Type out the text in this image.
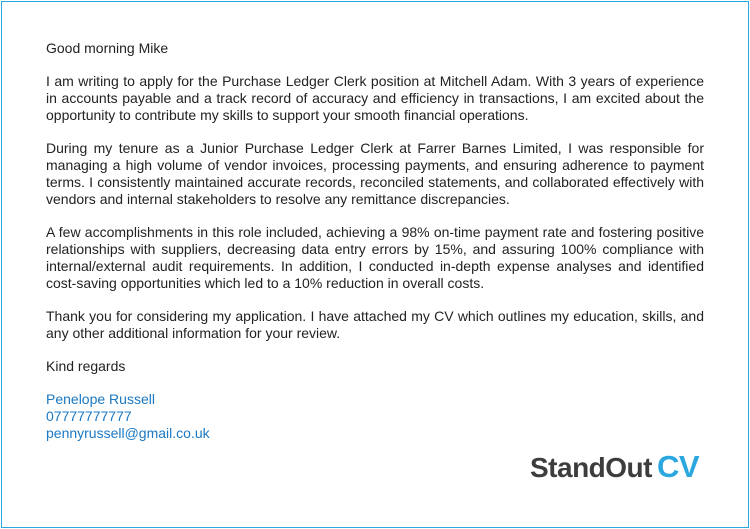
Good morning Mike

I am writing to apply for the Purchase Ledger Clerk position at Mitchell Adam. With 3 years of experience in accounts payable and a track record of accuracy and efficiency in transactions, I am excited about the opportunity to contribute my skills to support your smooth financial operations.

During my tenure as a Junior Purchase Ledger Clerk at Farrer Barnes Limited, I was responsible for managing a high volume of vendor invoices, processing payments, and ensuring adherence to payment terms. I consistently maintained accurate records, reconciled statements, and collaborated effectively with vendors and internal stakeholders to resolve any remittance discrepancies.

A few accomplishments in this role included, achieving a 98% on-time payment rate and fostering positive relationships with suppliers, decreasing data entry errors by 15%, and assuring 100% compliance with internal/external audit requirements. In addition, I conducted in-depth expense analyses and identified cost-saving opportunities which led to a 10% reduction in overall costs.

Thank you for considering my application. I have attached my CV which outlines my education, skills, and any other additional information for your review.

Kind regards

Penelope Russell
07777777777
pennyrussell@gmail.co.uk
StandOut CV
